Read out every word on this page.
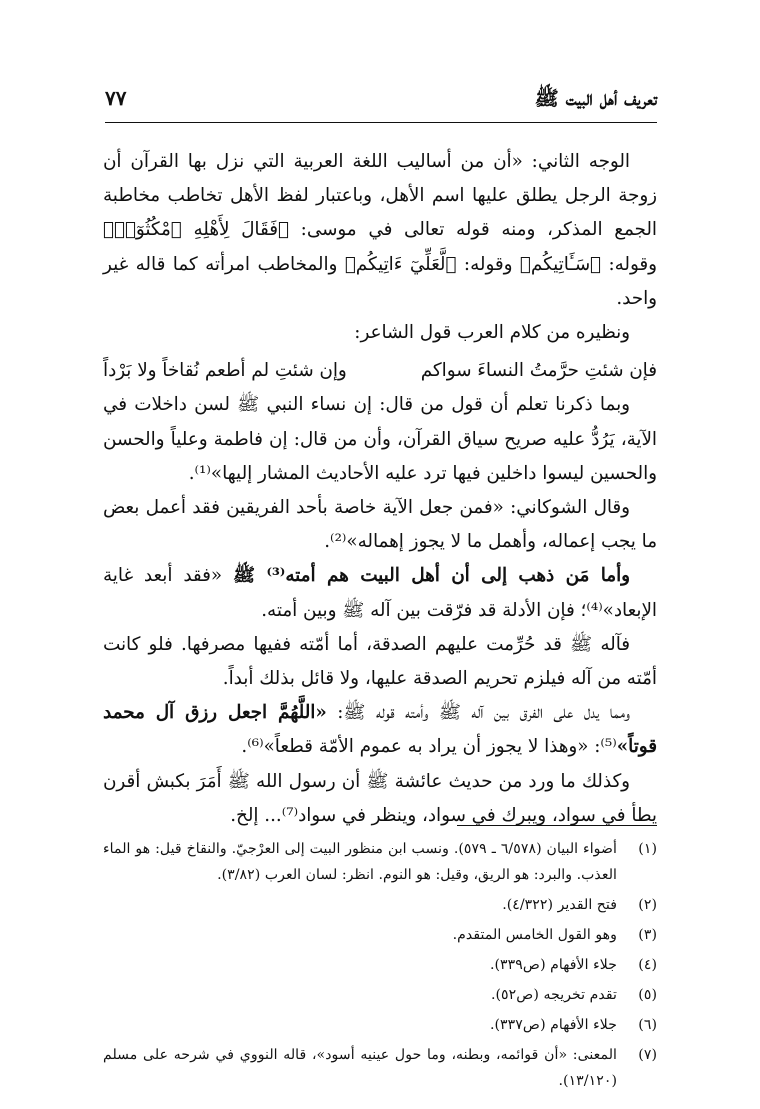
تعريف أهل البيت ﷺ
٧٧

الوجه الثاني: «أن من أساليب اللغة العربية التي نزل بها القرآن أن زوجة الرجل يطلق عليها اسم الأهل، وباعتبار لفظ الأهل تخاطب مخاطبة الجمع المذكر، ومنه قوله تعالى في موسى: ﴿فَقَالَ لِأَهْلِهِ ٱمْكُثُوٓا۟﴾ وقوله: ﴿سَـَٔاتِيكُم﴾ وقوله: ﴿لَّعَلِّيٓ ءَاتِيكُم﴾ والمخاطب امرأته كما قاله غير واحد.

ونظيره من كلام العرب قول الشاعر:

فإن شئتِ حرَّمتُ النساءَ سواكم
وإن شئتِ لم أطعم نُقاخاً ولا بَرْداً

وبما ذكرنا تعلم أن قول من قال: إن نساء النبي ﷺ لسن داخلات في الآية، يَرُدُّ عليه صريح سياق القرآن، وأن من قال: إن فاطمة وعلياً والحسن والحسين ليسوا داخلين فيها ترد عليه الأحاديث المشار إليها»⁽¹⁾.

وقال الشوكاني: «فمن جعل الآية خاصة بأحد الفريقين فقد أعمل بعض ما يجب إعماله، وأهمل ما لا يجوز إهماله»⁽²⁾.

وأما مَن ذهب إلى أن أهل البيت هم أمته⁽³⁾ ﷺ «فقد أبعد غاية الإبعاد»⁽⁴⁾؛ فإن الأدلة قد فرّقت بين آله ﷺ وبين أمته.

فآله ﷺ قد حُرِّمت عليهم الصدقة، أما أمّته ففيها مصرفها. فلو كانت أمّته من آله فيلزم تحريم الصدقة عليها، ولا قائل بذلك أبداً.

ومما يدل على الفرق بين آله ﷺ وأمته قوله ﷺ: «اللَّهُمَّ اجعل رزق آل محمد قوتاً»⁽⁵⁾: «وهذا لا يجوز أن يراد به عموم الأمّة قطعاً»⁽⁶⁾.

وكذلك ما ورد من حديث عائشة ﷺ أن رسول الله ﷺ أَمَرَ بكبش أقرن يطأ في سواد، ويبرك في سواد، وينظر في سواد⁽⁷⁾... إلخ.

(١)
أضواء البيان (٦/٥٧٨ ـ ٥٧٩). ونسب ابن منظور البيت إلى العرْجيّ. والنقاخ قيل: هو الماء العذب. والبرد: هو الريق، وقيل: هو النوم. انظر: لسان العرب (٣/٨٢).
(٢)
فتح القدير (٤/٣٢٢).
(٣)
وهو القول الخامس المتقدم.
(٤)
جلاء الأفهام (ص٣٣٩).
(٥)
تقدم تخريجه (ص٥٢).
(٦)
جلاء الأفهام (ص٣٣٧).
(٧)
المعنى: «أن قوائمه، وبطنه، وما حول عينيه أسود»، قاله النووي في شرحه على مسلم (١٣/١٢٠).
